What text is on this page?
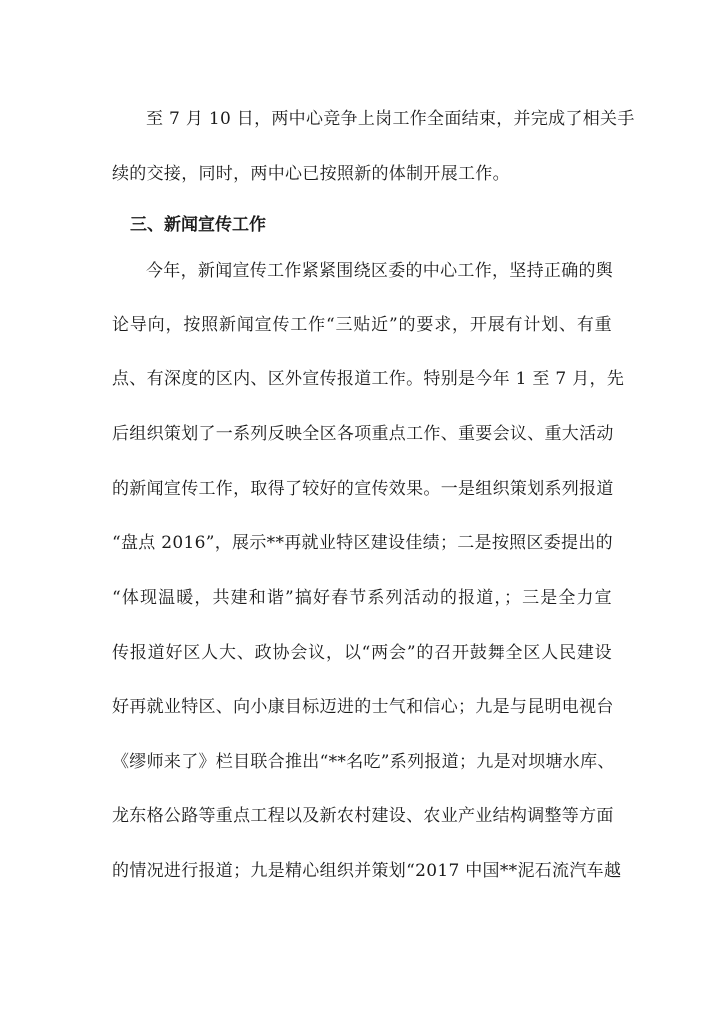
至 7 月 10 日，两中心竞争上岗工作全面结束，并完成了相关手
续的交接，同时，两中心已按照新的体制开展工作。
三、新闻宣传工作
今年，新闻宣传工作紧紧围绕区委的中心工作，坚持正确的舆
论导向，按照新闻宣传工作“三贴近”的要求，开展有计划、有重
点、有深度的区内、区外宣传报道工作。特别是今年 1 至 7 月，先
后组织策划了一系列反映全区各项重点工作、重要会议、重大活动
的新闻宣传工作，取得了较好的宣传效果。一是组织策划系列报道
“盘点 2016”，展示**再就业特区建设佳绩；二是按照区委提出的
“体现温暖，共建和谐”搞好春节系列活动的报道，；三是全力宣
传报道好区人大、政协会议，以“两会”的召开鼓舞全区人民建设
好再就业特区、向小康目标迈进的士气和信心；九是与昆明电视台
《缪师来了》栏目联合推出“**名吃”系列报道；九是对坝塘水库、
龙东格公路等重点工程以及新农村建设、农业产业结构调整等方面
的情况进行报道；九是精心组织并策划“2017 中国**泥石流汽车越
